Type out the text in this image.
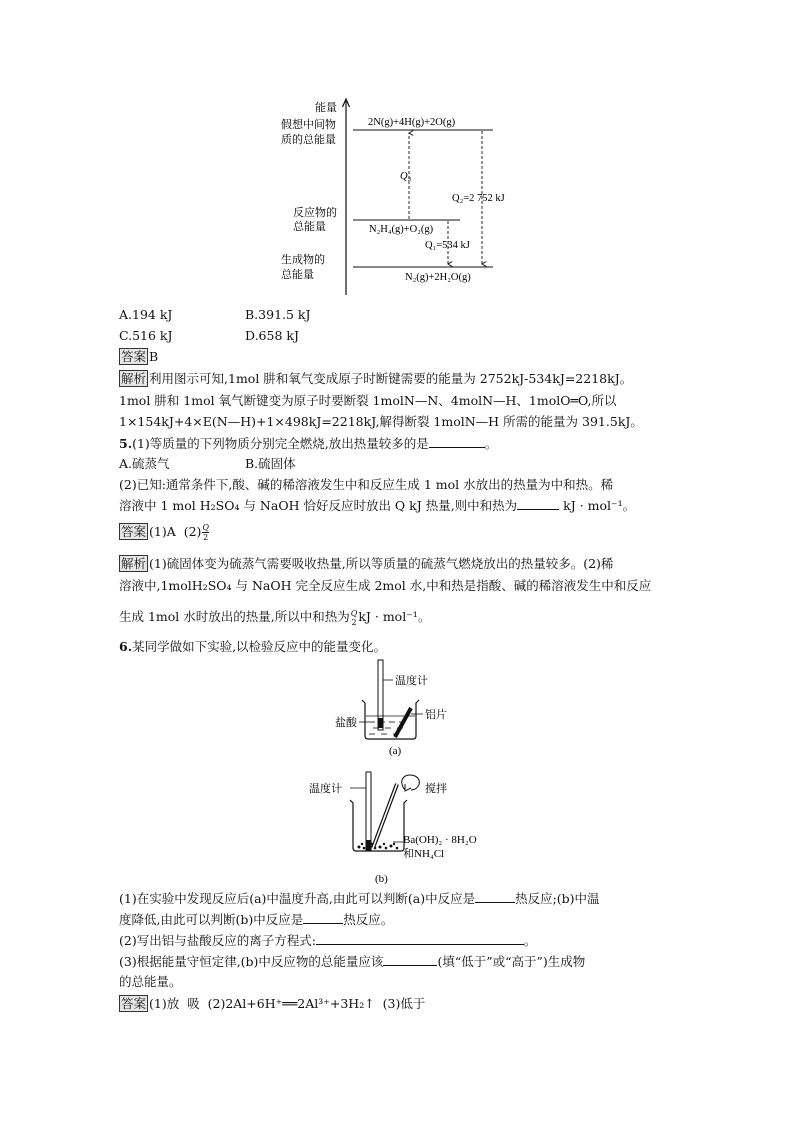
能量
假想中间物
质的总能量
反应物的
总能量
生成物的
总能量
2N(g)+4H(g)+2O(g)
N₂H₄(g)+O₂(g)
N₂(g)+2H₂O(g)
Q₃
Q₂=2 752 kJ
Q₁=534 kJ
A.194 kJ	B.391.5 kJ
C.516 kJ	D.658 kJ
答案 B
解析 利用图示可知,1mol 肼和氧气变成原子时断键需要的能量为 2752kJ-534kJ=2218kJ。
1mol 肼和 1mol 氧气断键变为原子时要断裂 1molN—N、4molN—H、1molO═O,所以
1×154kJ+4×E(N—H)+1×498kJ=2218kJ,解得断裂 1molN—H 所需的能量为 391.5kJ。
5.(1)等质量的下列物质分别完全燃烧,放出热量较多的是	。
A.硫蒸气	B.硫固体
(2)已知:通常条件下,酸、碱的稀溶液发生中和反应生成 1 mol 水放出的热量为中和热。稀
溶液中 1 mol H₂SO₄ 与 NaOH 恰好反应时放出 Q kJ 热量,则中和热为	kJ · mol⁻¹。
答案 (1)A $(2) \frac{Q}{2}$
解析 (1)硫固体变为硫蒸气需要吸收热量,所以等质量的硫蒸气燃烧放出的热量较多。(2)稀
溶液中,1molH₂SO₄ 与 NaOH 完全反应生成 2mol 水,中和热是指酸、碱的稀溶液发生中和反应
生成 1mol 水时放出的热量,所以中和热为 Q
2 kJ · mol⁻¹。
6.某同学做如下实验,以检验反应中的能量变化。
温度计
铝片
盐酸
(a)
温度计	搅拌
Ba(OH)₂ · 8H₂O
和NH₄Cl
(b)
(1)在实验中发现反应后(a)中温度升高,由此可以判断(a)中反应是	热反应;(b)中温
度降低,由此可以判断(b)中反应是	热反应。
(2)写出铝与盐酸反应的离子方程式:	。
(3)根据能量守恒定律,(b)中反应物的总能量应该	(填“低于”或“高于”)生成物
的总能量。
答案 (1)放  吸  (2)2Al+6H⁺══2Al³⁺+3H₂↑  (3)低于
